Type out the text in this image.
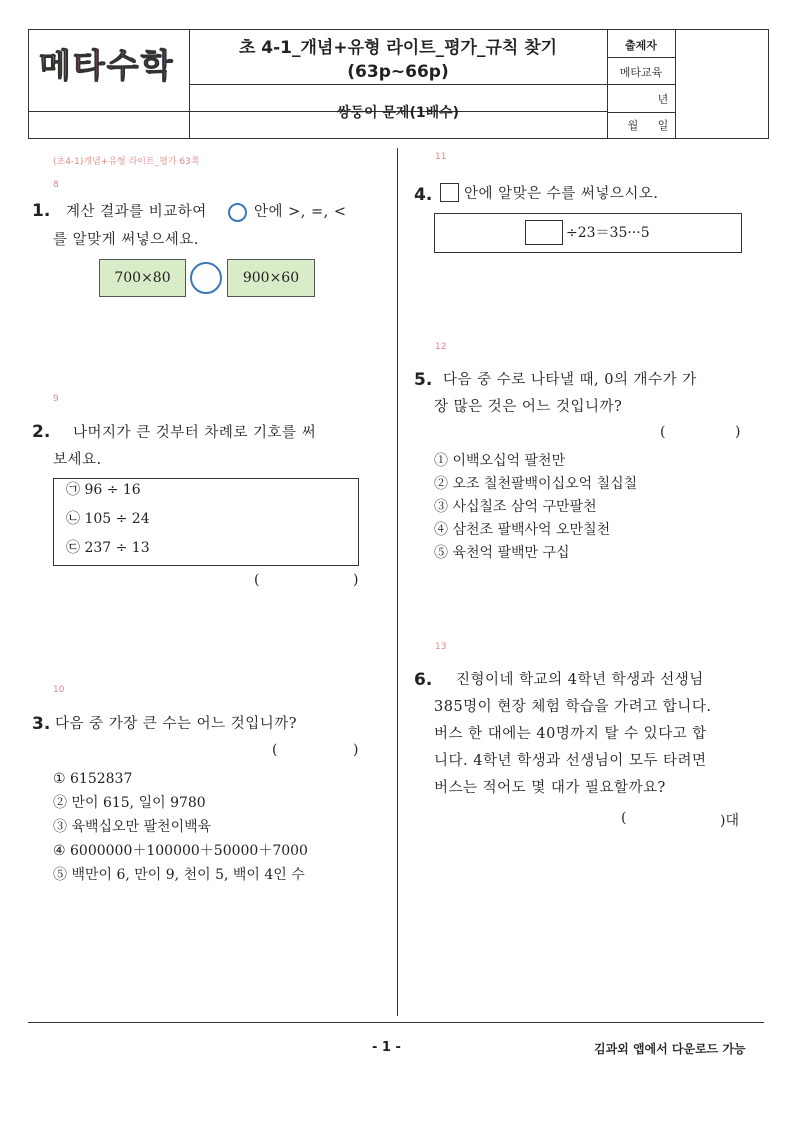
메 타 수 학	초 4-1_개념+유형 라이트_평가_규칙 찾기
(63p~66p)
쌍둥이 문제(1배수)
출제자
메타교육
년
월 일
(초4-1)개념+유형 라이트_평가 63쪽
8
1. 계산 결과를 비교하여	안에 >, =, <
를 알맞게 써넣으세요.
700×80	900×60
9
2. 나머지가 큰 것부터 차례로 기호를 써
보세요.
㉠ 96 ÷ 16
㉡ 105 ÷ 24
㉢ 237 ÷ 13
(	)
10
3. 다음 중 가장 큰 수는 어느 것입니까?
(	)
① 6152837
② 만이 615, 일이 9780
③ 육백십오만 팔천이백육
④ 6000000＋100000＋50000＋7000
⑤ 백만이 6, 만이 9, 천이 5, 백이 4인 수
11
4. 안에 알맞은 수를 써넣으시오.
÷23＝35···5
12
5. 다음 중 수로 나타낼 때, 0의 개수가 가
장 많은 것은 어느 것입니까?
(	)
① 이백오십억 팔천만
② 오조 칠천팔백이십오억 칠십칠
③ 사십칠조 삼억 구만팔천
④ 삼천조 팔백사억 오만칠천
⑤ 육천억 팔백만 구십
13
6. 진형이네 학교의 4학년 학생과 선생님
385명이 현장 체험 학습을 가려고 합니다.
버스 한 대에는 40명까지 탈 수 있다고 합
니다. 4학년 학생과 선생님이 모두 타려면
버스는 적어도 몇 대가 필요할까요?
(	)대
- 1 -	김과외 앱에서 다운로드 가능
